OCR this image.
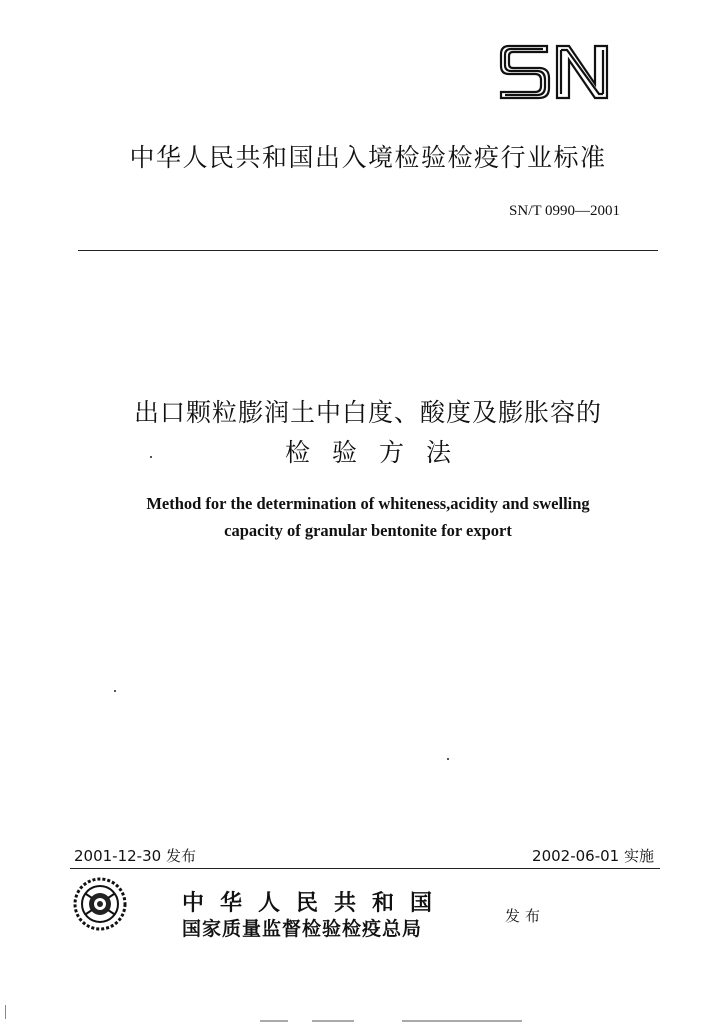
中华人民共和国出入境检验检疫行业标准
SN/T 0990—2001
出口颗粒膨润土中白度、酸度及膨胀容的
检验方法
Method for the determination of whiteness,acidity and swelling
capacity of granular bentonite for export
2001-12-30 发布	2002-06-01 实施
中华人民共和国
国家质量监督检验检疫总局
发布
